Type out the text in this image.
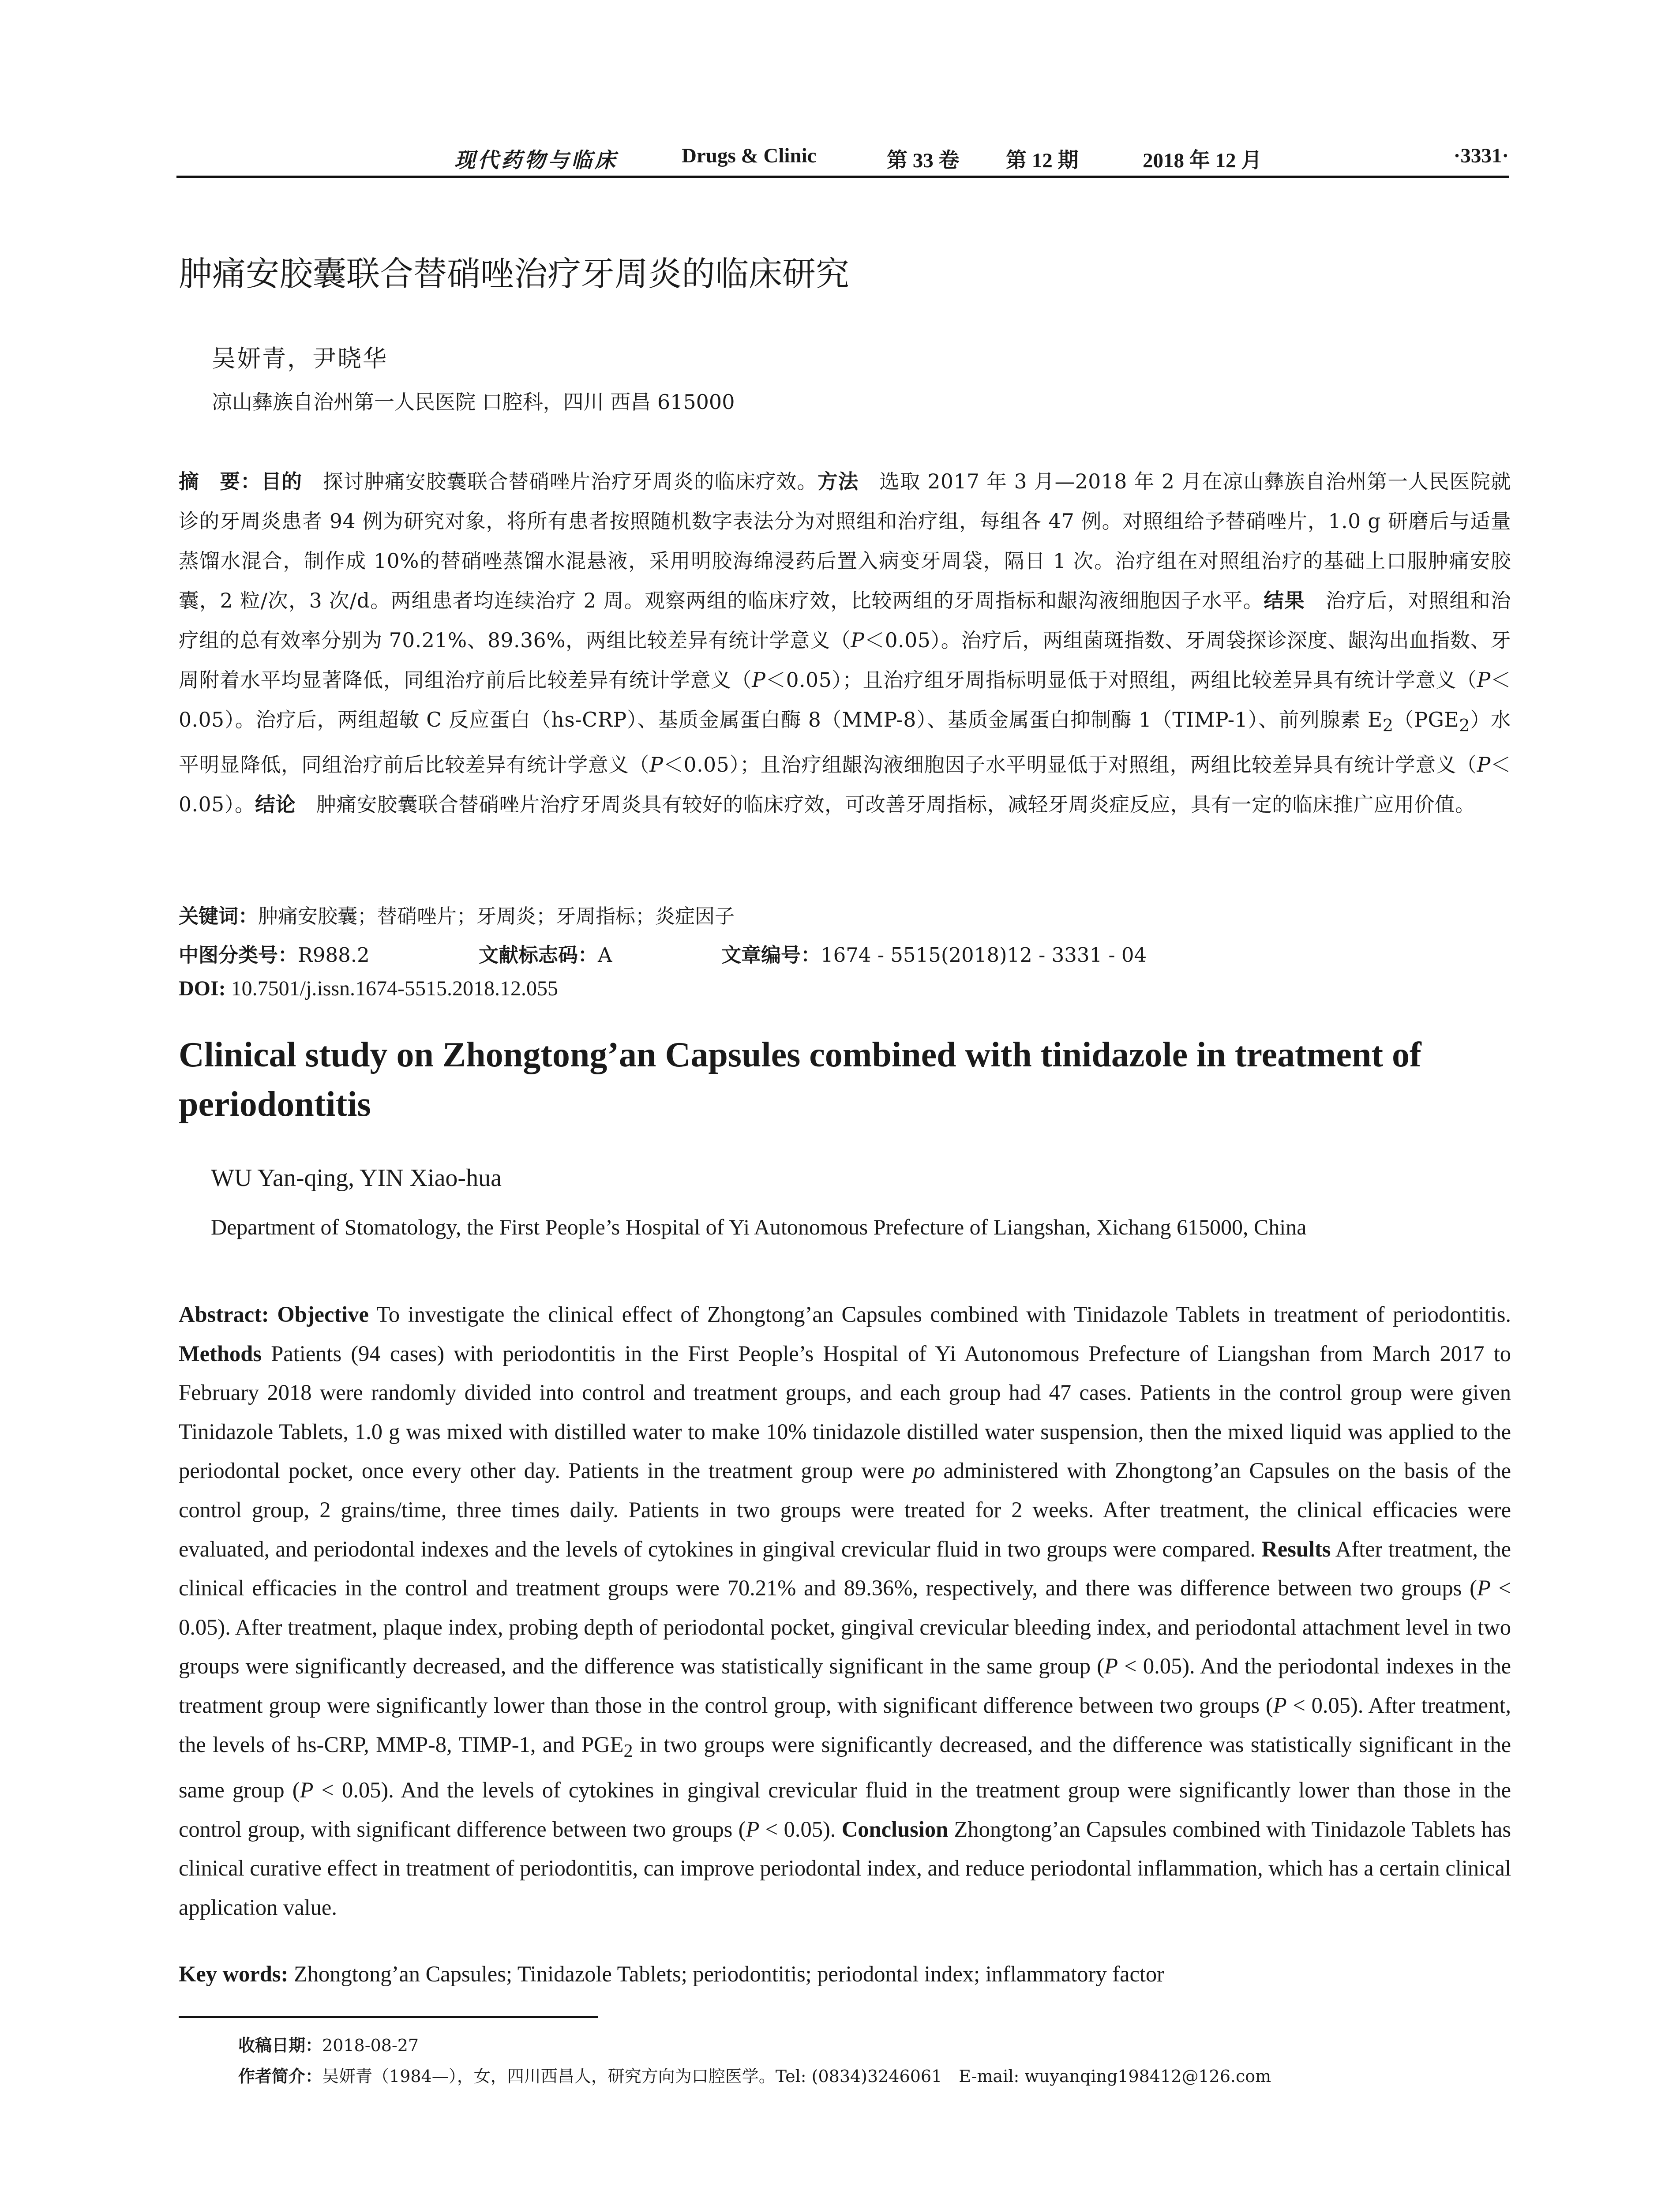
现代药物与临床	Drugs & Clinic	第 33 卷 第 12 期	2018 年 12 月	·3331·
肿痛安胶囊联合替硝唑治疗牙周炎的临床研究
吴妍青，尹晓华
凉山彝族自治州第一人民医院 口腔科，四川 西昌 615000
摘　要：目的　探讨肿痛安胶囊联合替硝唑片治疗牙周炎的临床疗效。方法　选取 2017 年 3 月—2018 年 2 月在凉山彝族自治州第一人民医院就诊的牙周炎患者 94 例为研究对象，将所有患者按照随机数字表法分为对照组和治疗组，每组各 47 例。对照组给予替硝唑片，1.0 g 研磨后与适量蒸馏水混合，制作成 10%的替硝唑蒸馏水混悬液，采用明胶海绵浸药后置入病变牙周袋，隔日 1 次。治疗组在对照组治疗的基础上口服肿痛安胶囊，2 粒/次，3 次/d。两组患者均连续治疗 2 周。观察两组的临床疗效，比较两组的牙周指标和龈沟液细胞因子水平。结果　治疗后，对照组和治疗组的总有效率分别为 70.21%、89.36%，两组比较差异有统计学意义（P＜0.05）。治疗后，两组菌斑指数、牙周袋探诊深度、龈沟出血指数、牙周附着水平均显著降低，同组治疗前后比较差异有统计学意义（P＜0.05）；且治疗组牙周指标明显低于对照组，两组比较差异具有统计学意义（P＜0.05）。治疗后，两组超敏 C 反应蛋白（hs-CRP）、基质金属蛋白酶 8（MMP-8）、基质金属蛋白抑制酶 1（TIMP-1）、前列腺素 $E_2(PGE_2)$水平明显降低，同组治疗前后比较差异有统计学意义（P＜0.05）；且治疗组龈沟液细胞因子水平明显低于对照组，两组比较差异具有统计学意义（P＜0.05）。结论　肿痛安胶囊联合替硝唑片治疗牙周炎具有较好的临床疗效，可改善牙周指标，减轻牙周炎症反应，具有一定的临床推广应用价值。
关键词：肿痛安胶囊；替硝唑片；牙周炎；牙周指标；炎症因子
中图分类号：R988.2	文献标志码：A	文章编号：1674 - 5515(2018)12 - 3331 - 04
DOI: 10.7501/j.issn.1674-5515.2018.12.055
Clinical study on Zhongtong’an Capsules combined with tinidazole in treatment of periodontitis
WU Yan-qing, YIN Xiao-hua
Department of Stomatology, the First People’s Hospital of Yi Autonomous Prefecture of Liangshan, Xichang 615000, China
Abstract: Objective To investigate the clinical effect of Zhongtong’an Capsules combined with Tinidazole Tablets in treatment of periodontitis. Methods Patients (94 cases) with periodontitis in the First People’s Hospital of Yi Autonomous Prefecture of Liangshan from March 2017 to February 2018 were randomly divided into control and treatment groups, and each group had 47 cases. Patients in the control group were given Tinidazole Tablets, 1.0 g was mixed with distilled water to make 10% tinidazole distilled water suspension, then the mixed liquid was applied to the periodontal pocket, once every other day. Patients in the treatment group were po administered with Zhongtong’an Capsules on the basis of the control group, 2 grains/time, three times daily. Patients in two groups were treated for 2 weeks. After treatment, the clinical efficacies were evaluated, and periodontal indexes and the levels of cytokines in gingival crevicular fluid in two groups were compared. Results After treatment, the clinical efficacies in the control and treatment groups were 70.21% and 89.36%, respectively, and there was difference between two groups (P < 0.05). After treatment, plaque index, probing depth of periodontal pocket, gingival crevicular bleeding index, and periodontal attachment level in two groups were significantly decreased, and the difference was statistically significant in the same group (P < 0.05). And the periodontal indexes in the treatment group were significantly lower than those in the control group, with significant difference between two groups (P < 0.05). After treatment, the levels of hs-CRP, MMP-8, TIMP-1, and $PGE_2$ in two groups were significantly decreased, and the difference was statistically significant in the same group (P < 0.05). And the levels of cytokines in gingival crevicular fluid in the treatment group were significantly lower than those in the control group, with significant difference between two groups (P < 0.05). Conclusion Zhongtong’an Capsules combined with Tinidazole Tablets has clinical curative effect in treatment of periodontitis, can improve periodontal index, and reduce periodontal inflammation, which has a certain clinical application value.
Key words: Zhongtong’an Capsules; Tinidazole Tablets; periodontitis; periodontal index; inflammatory factor
收稿日期：2018-08-27
作者简介：吴妍青（1984—），女，四川西昌人，研究方向为口腔医学。Tel: (0834)3246061　E-mail: wuyanqing198412@126.com
